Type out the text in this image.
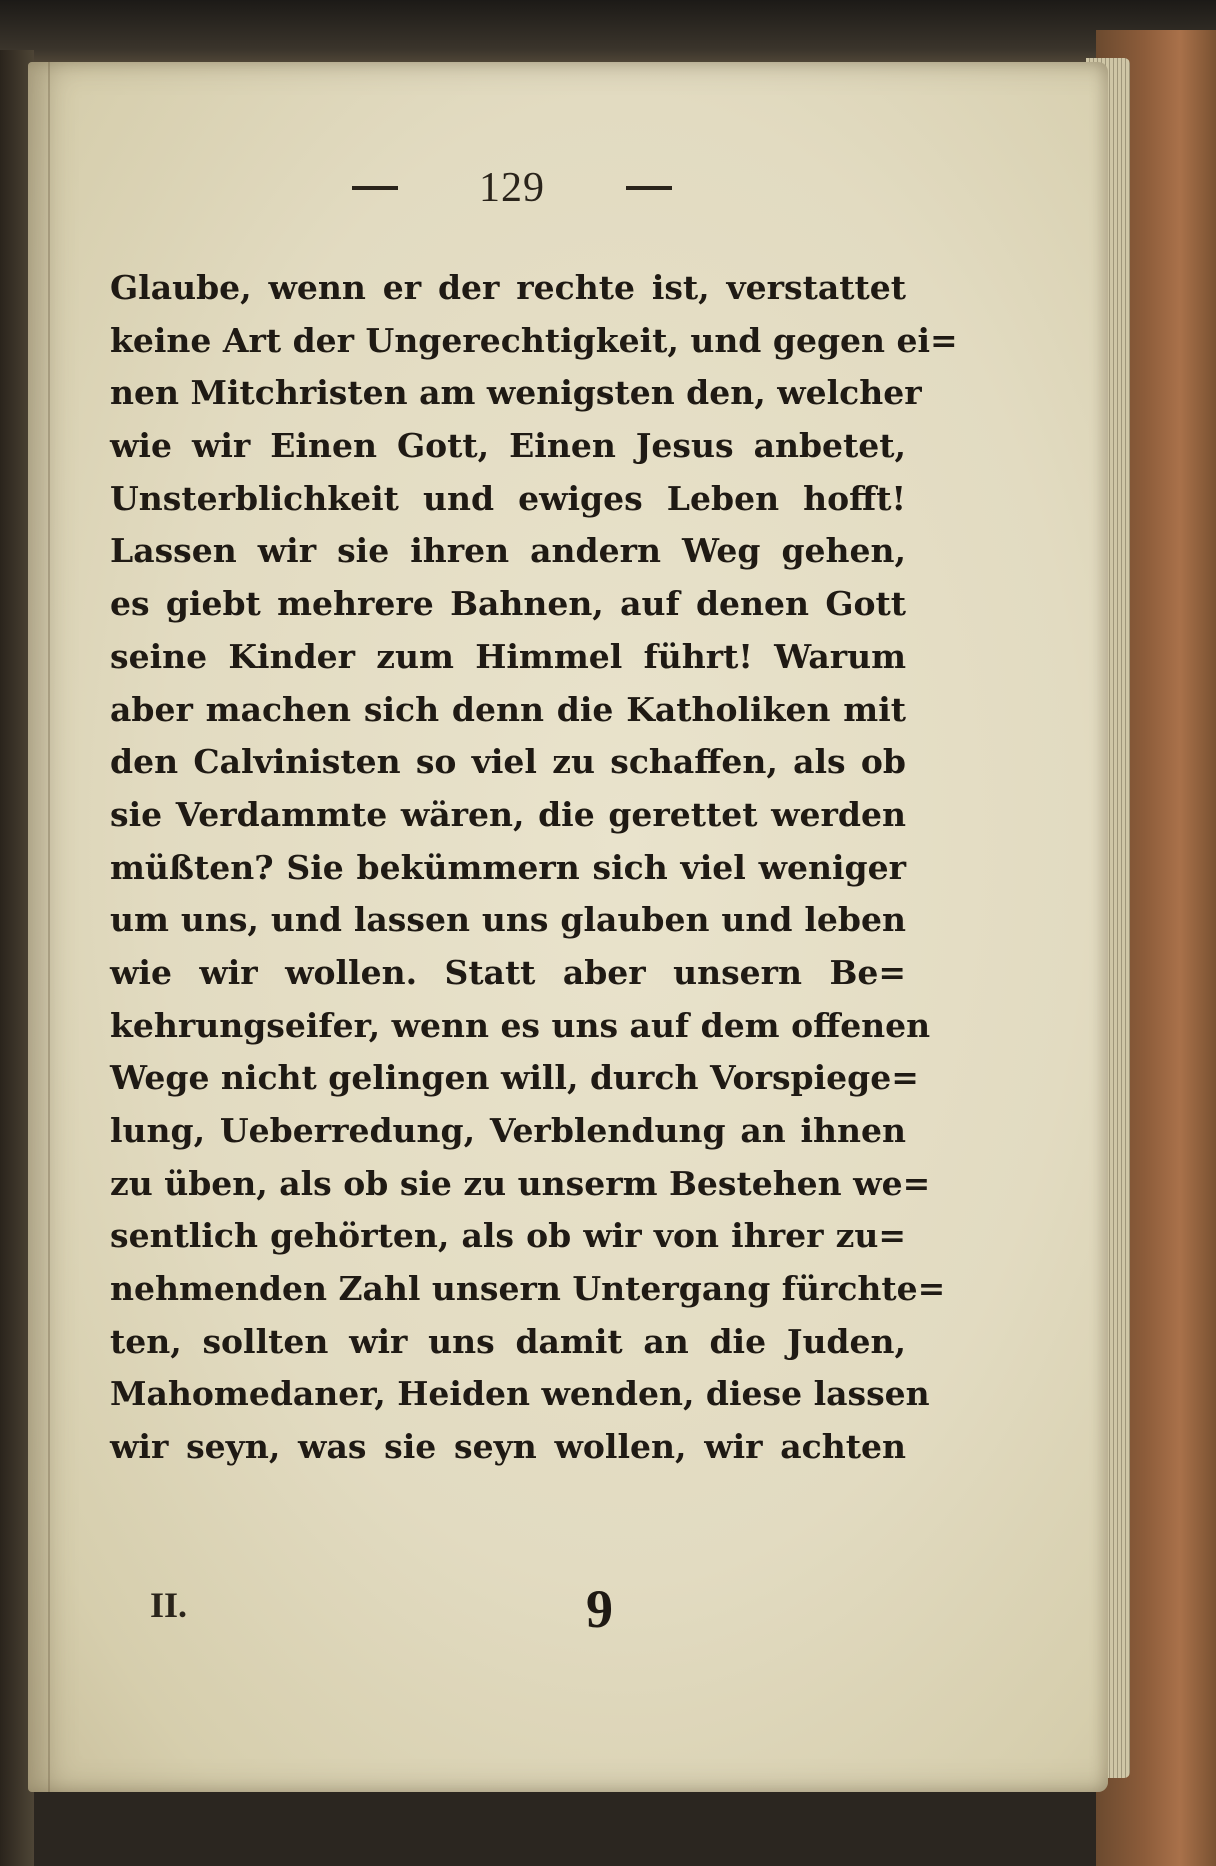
129
Glaube, wenn er der rechte ist, verstattet
keine Art der Ungerechtigkeit, und gegen ei=
nen Mitchristen am wenigsten den, welcher
wie wir Einen Gott, Einen Jesus anbetet,
Unsterblichkeit und ewiges Leben hofft!
Lassen wir sie ihren andern Weg gehen,
es giebt mehrere Bahnen, auf denen Gott
seine Kinder zum Himmel führt! Warum
aber machen sich denn die Katholiken mit
den Calvinisten so viel zu schaffen, als ob
sie Verdammte wären, die gerettet werden
müßten? Sie bekümmern sich viel weniger
um uns, und lassen uns glauben und leben
wie wir wollen. Statt aber unsern Be=
kehrungseifer, wenn es uns auf dem offenen
Wege nicht gelingen will, durch Vorspiege=
lung, Ueberredung, Verblendung an ihnen
zu üben, als ob sie zu unserm Bestehen we=
sentlich gehörten, als ob wir von ihrer zu=
nehmenden Zahl unsern Untergang fürchte=
ten, sollten wir uns damit an die Juden,
Mahomedaner, Heiden wenden, diese lassen
wir seyn, was sie seyn wollen, wir achten
II.	9
